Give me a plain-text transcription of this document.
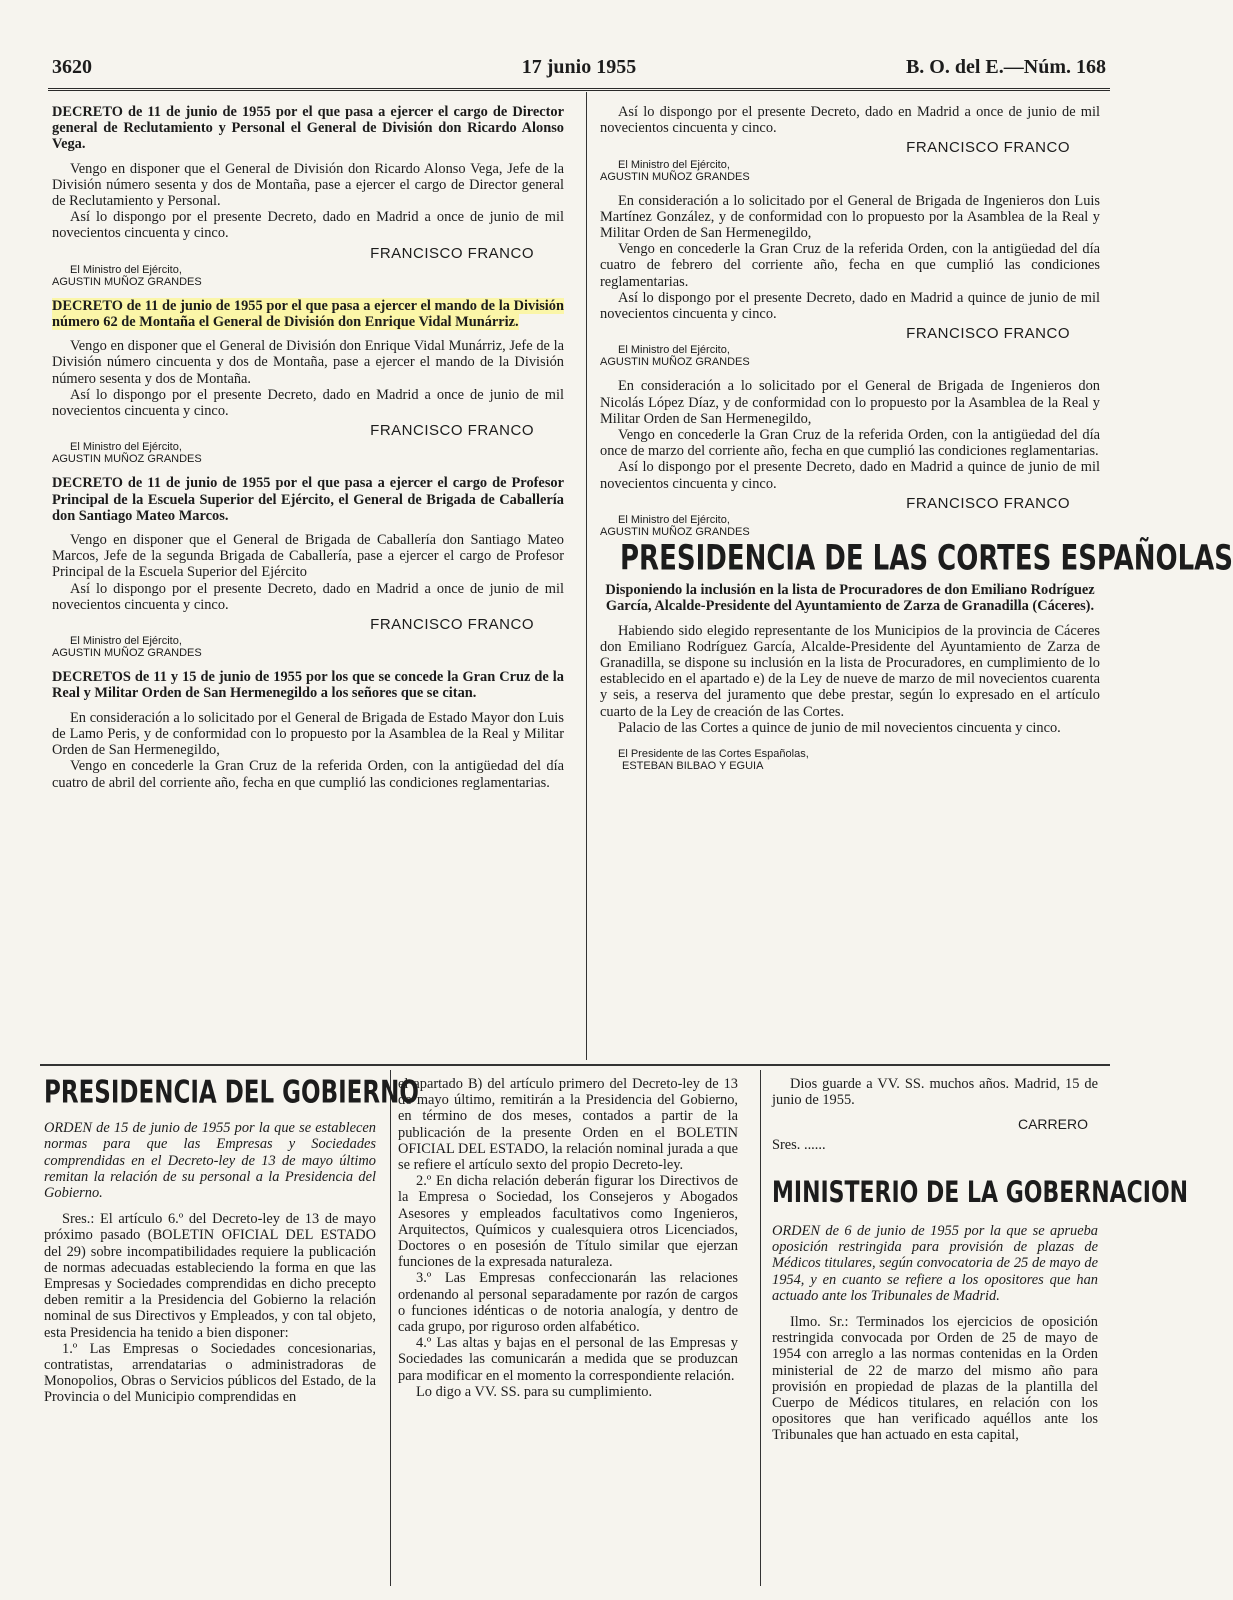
3620	17 junio 1955	B. O. del E.—Núm. 168

DECRETO de 11 de junio de 1955 por el que pasa a ejercer el cargo de Director general de Reclutamiento y Personal el General de División don Ricardo Alonso Vega.

Vengo en disponer que el General de División don Ricardo Alonso Vega, Jefe de la División número sesenta y dos de Montaña, pase a ejercer el cargo de Director general de Reclutamiento y Personal.

Así lo dispongo por el presente Decreto, dado en Madrid a once de junio de mil novecientos cincuenta y cinco.

FRANCISCO FRANCO
El Ministro del Ejército,
AGUSTIN MUÑOZ GRANDES

DECRETO de 11 de junio de 1955 por el que pasa a ejercer el mando de la División número 62 de Montaña el General de División don Enrique Vidal Munárriz.

Vengo en disponer que el General de División don Enrique Vidal Munárriz, Jefe de la División número cincuenta y dos de Montaña, pase a ejercer el mando de la División número sesenta y dos de Montaña.

Así lo dispongo por el presente Decreto, dado en Madrid a once de junio de mil novecientos cincuenta y cinco.

FRANCISCO FRANCO
El Ministro del Ejército,
AGUSTIN MUÑOZ GRANDES

DECRETO de 11 de junio de 1955 por el que pasa a ejercer el cargo de Profesor Principal de la Escuela Superior del Ejército, el General de Brigada de Caballería don Santiago Mateo Marcos.

Vengo en disponer que el General de Brigada de Caballería don Santiago Mateo Marcos, Jefe de la segunda Brigada de Caballería, pase a ejercer el cargo de Profesor Principal de la Escuela Superior del Ejército

Así lo dispongo por el presente Decreto, dado en Madrid a once de junio de mil novecientos cincuenta y cinco.

FRANCISCO FRANCO
El Ministro del Ejército,
AGUSTIN MUÑOZ GRANDES

DECRETOS de 11 y 15 de junio de 1955 por los que se concede la Gran Cruz de la Real y Militar Orden de San Hermenegildo a los señores que se citan.

En consideración a lo solicitado por el General de Brigada de Estado Mayor don Luis de Lamo Peris, y de conformidad con lo propuesto por la Asamblea de la Real y Militar Orden de San Hermenegildo,

Vengo en concederle la Gran Cruz de la referida Orden, con la antigüedad del día cuatro de abril del corriente año, fecha en que cumplió las condiciones reglamentarias.

Así lo dispongo por el presente Decreto, dado en Madrid a once de junio de mil novecientos cincuenta y cinco.

FRANCISCO FRANCO
El Ministro del Ejército,
AGUSTIN MUÑOZ GRANDES

En consideración a lo solicitado por el General de Brigada de Ingenieros don Luis Martínez González, y de conformidad con lo propuesto por la Asamblea de la Real y Militar Orden de San Hermenegildo,

Vengo en concederle la Gran Cruz de la referida Orden, con la antigüedad del día cuatro de febrero del corriente año, fecha en que cumplió las condiciones reglamentarias.

Así lo dispongo por el presente Decreto, dado en Madrid a quince de junio de mil novecientos cincuenta y cinco.

FRANCISCO FRANCO
El Ministro del Ejército,
AGUSTIN MUÑOZ GRANDES

En consideración a lo solicitado por el General de Brigada de Ingenieros don Nicolás López Díaz, y de conformidad con lo propuesto por la Asamblea de la Real y Militar Orden de San Hermenegildo,

Vengo en concederle la Gran Cruz de la referida Orden, con la antigüedad del día once de marzo del corriente año, fecha en que cumplió las condiciones reglamentarias.

Así lo dispongo por el presente Decreto, dado en Madrid a quince de junio de mil novecientos cincuenta y cinco.

FRANCISCO FRANCO
El Ministro del Ejército,
AGUSTIN MUÑOZ GRANDES
PRESIDENCIA DE LAS CORTES ESPAÑOLAS

Disponiendo la inclusión en la lista de Procuradores de don Emiliano Rodríguez García, Alcalde-Presidente del Ayuntamiento de Zarza de Granadilla (Cáceres).

Habiendo sido elegido representante de los Municipios de la provincia de Cáceres don Emiliano Rodríguez García, Alcalde-Presidente del Ayuntamiento de Zarza de Granadilla, se dispone su inclusión en la lista de Procuradores, en cumplimiento de lo establecido en el apartado e) de la Ley de nueve de marzo de mil novecientos cuarenta y seis, a reserva del juramento que debe prestar, según lo expresado en el artículo cuarto de la Ley de creación de las Cortes.

Palacio de las Cortes a quince de junio de mil novecientos cincuenta y cinco.

El Presidente de las Cortes Españolas,
ESTEBAN BILBAO Y EGUIA
PRESIDENCIA DEL GOBIERNO

ORDEN de 15 de junio de 1955 por la que se establecen normas para que las Empresas y Sociedades comprendidas en el Decreto-ley de 13 de mayo último remitan la relación de su personal a la Presidencia del Gobierno.

Sres.: El artículo 6.º del Decreto-ley de 13 de mayo próximo pasado (BOLETIN OFICIAL DEL ESTADO del 29) sobre incompatibilidades requiere la publicación de normas adecuadas estableciendo la forma en que las Empresas y Sociedades comprendidas en dicho precepto deben remitir a la Presidencia del Gobierno la relación nominal de sus Directivos y Empleados, y con tal objeto, esta Presidencia ha tenido a bien disponer:

1.º Las Empresas o Sociedades concesionarias, contratistas, arrendatarias o administradoras de Monopolios, Obras o Servicios públicos del Estado, de la Provincia o del Municipio comprendidas en

el apartado B) del artículo primero del Decreto-ley de 13 de mayo último, remitirán a la Presidencia del Gobierno, en término de dos meses, contados a partir de la publicación de la presente Orden en el BOLETIN OFICIAL DEL ESTADO, la relación nominal jurada a que se refiere el artículo sexto del propio Decreto-ley.

2.º En dicha relación deberán figurar los Directivos de la Empresa o Sociedad, los Consejeros y Abogados Asesores y empleados facultativos como Ingenieros, Arquitectos, Químicos y cualesquiera otros Licenciados, Doctores o en posesión de Título similar que ejerzan funciones de la expresada naturaleza.

3.º Las Empresas confeccionarán las relaciones ordenando al personal separadamente por razón de cargos o funciones idénticas o de notoria analogía, y dentro de cada grupo, por riguroso orden alfabético.

4.º Las altas y bajas en el personal de las Empresas y Sociedades las comunicarán a medida que se produzcan para modificar en el momento la correspondiente relación.

Lo digo a VV. SS. para su cumplimiento.

Dios guarde a VV. SS. muchos años. Madrid, 15 de junio de 1955.

CARRERO

Sres. ......

MINISTERIO DE LA GOBERNACION

ORDEN de 6 de junio de 1955 por la que se aprueba oposición restringida para provisión de plazas de Médicos titulares, según convocatoria de 25 de mayo de 1954, y en cuanto se refiere a los opositores que han actuado ante los Tribunales de Madrid.

Ilmo. Sr.: Terminados los ejercicios de oposición restringida convocada por Orden de 25 de mayo de 1954 con arreglo a las normas contenidas en la Orden ministerial de 22 de marzo del mismo año para provisión en propiedad de plazas de la plantilla del Cuerpo de Médicos titulares, en relación con los opositores que han verificado aquéllos ante los Tribunales que han actuado en esta capital,
